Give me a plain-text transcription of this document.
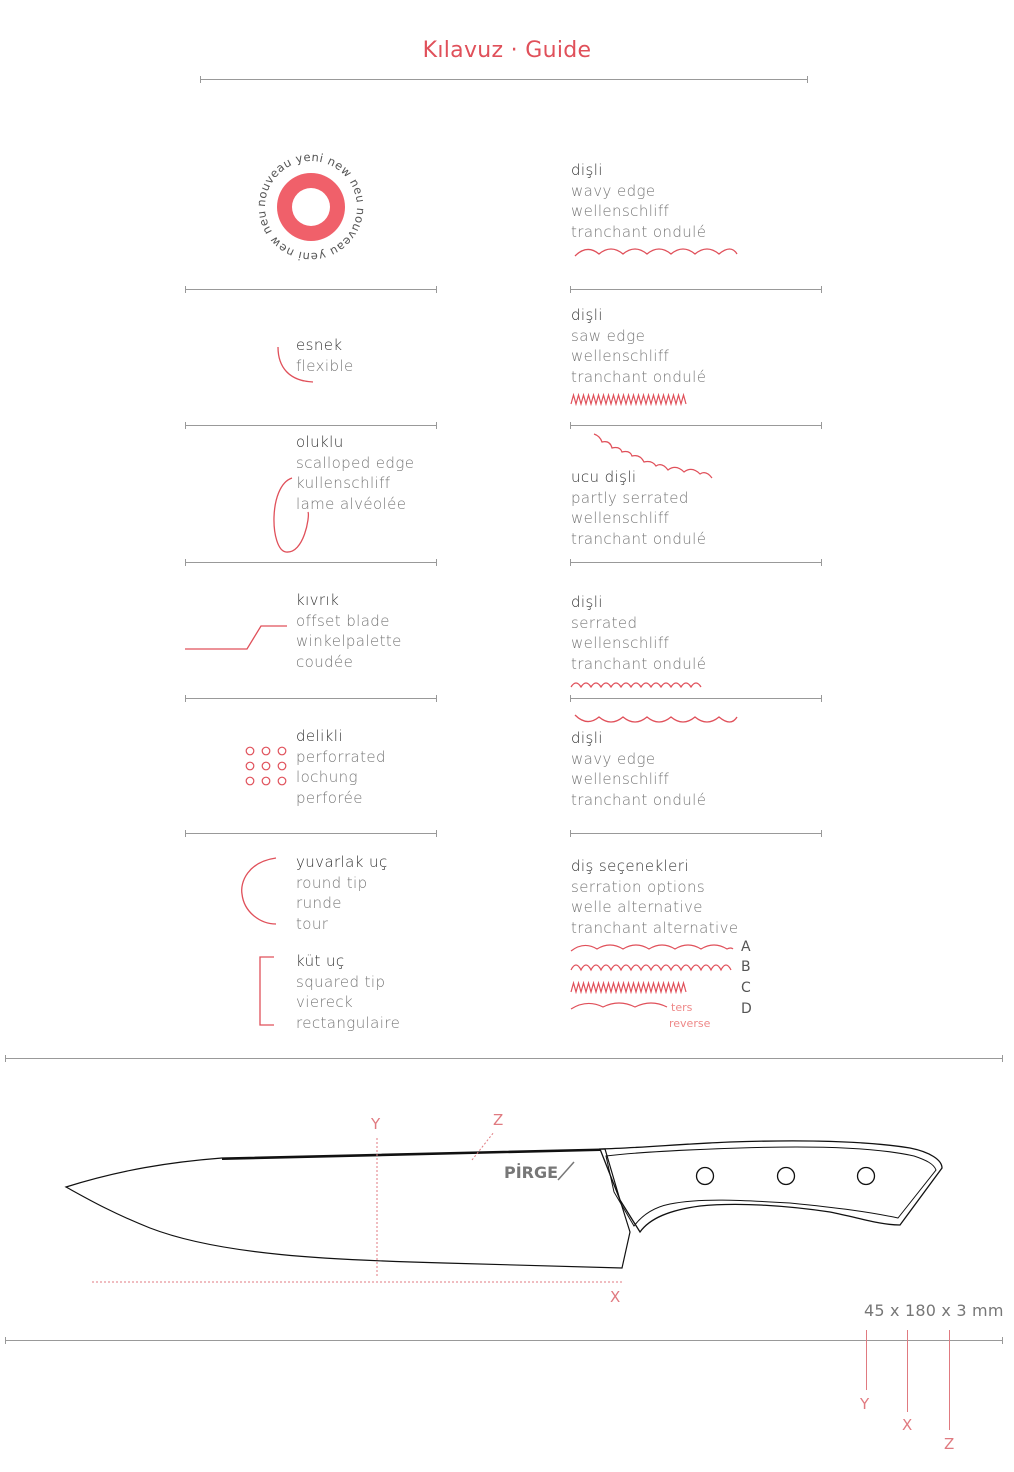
Kılavuz · Guide
nouveau yeni new neu nouveau yeni new neu
dişli
wavy edge
wellenschliff
tranchant ondulé
esnek
flexible
dişli
saw edge
wellenschliff
tranchant ondulé
oluklu
scalloped edge
kullenschliff
lame alvéolée
ucu dişli
partly serrated
wellenschliff
tranchant ondulé
kıvrık
offset blade
winkelpalette
coudée
dişli
serrated
wellenschliff
tranchant ondulé
delikli
perforrated
lochung
perforée
dişli
wavy edge
wellenschliff
tranchant ondulé
yuvarlak uç
round tip
runde
tour
küt uç
squared tip
viereck
rectangulaire
diş seçenekleri
serration options
welle alternative
tranchant alternative
ters
reverse
A
B
C
D
PİRGE
Y	Z
X
45 x 180 x 3 mm
Y
X
Z
